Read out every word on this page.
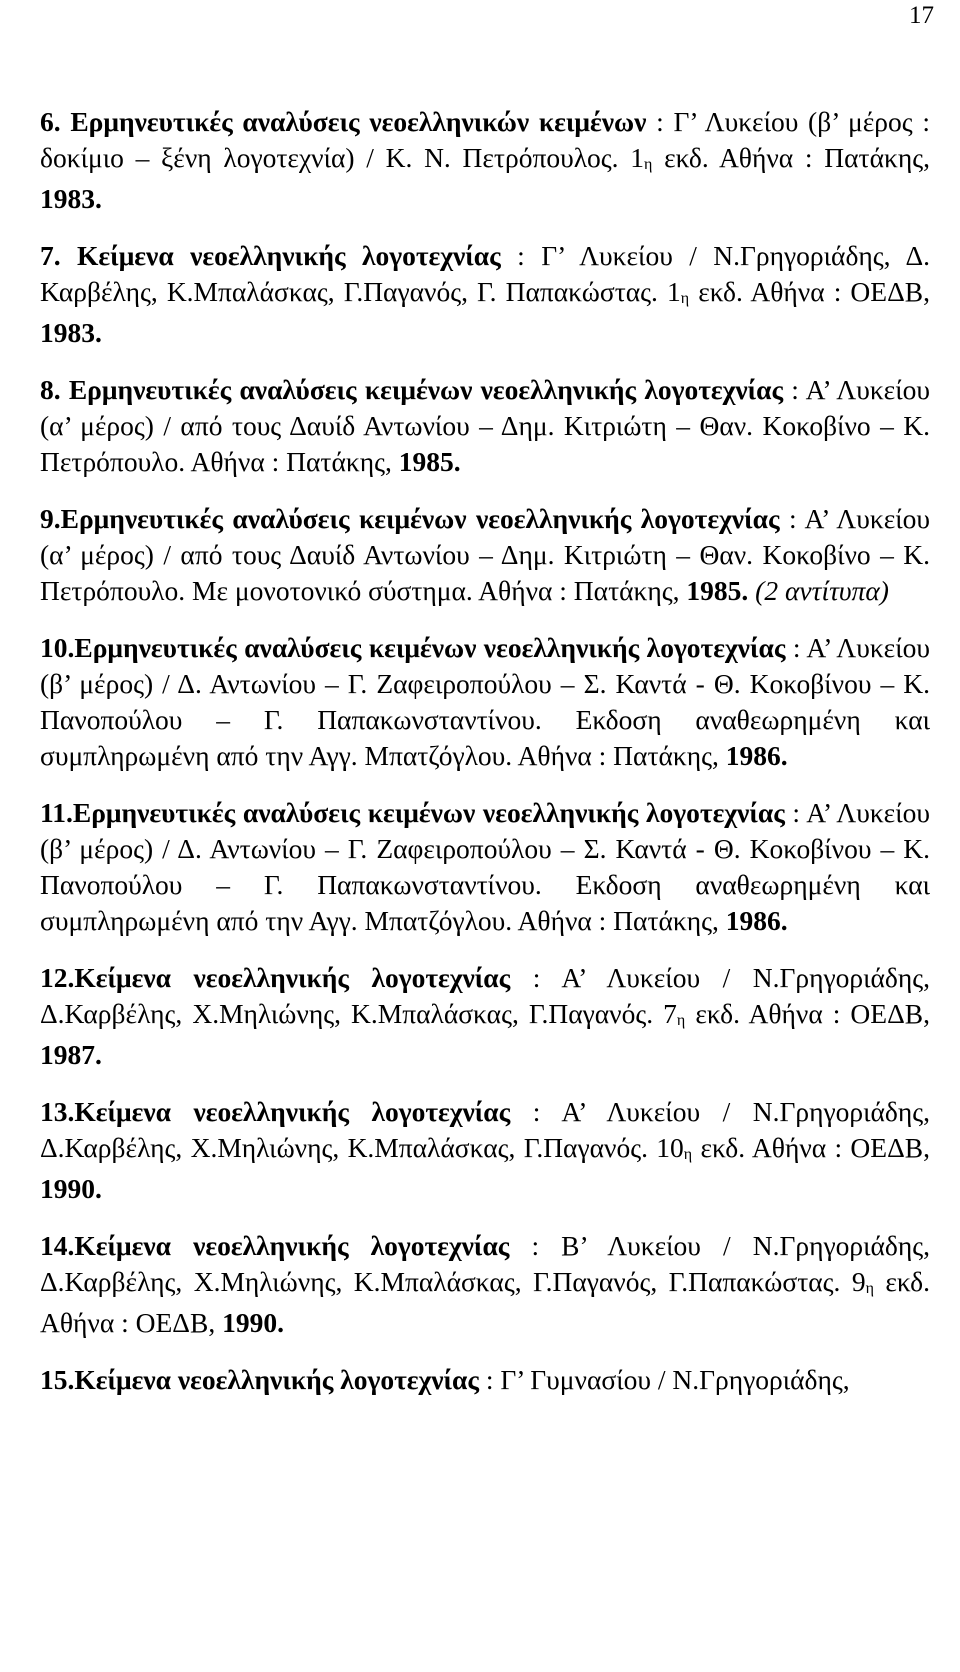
17
6. Ερμηνευτικές αναλύσεις νεοελληνικών κειμένων : Γ’ Λυκείου (β’ μέρος : δοκίμιο – ξένη λογοτεχνία) / Κ. Ν. Πετρόπουλος. $1_\eta$ εκδ. Αθήνα : Πατάκης, 1983.
7. Κείμενα νεοελληνικής λογοτεχνίας : Γ’ Λυκείου / Ν.Γρηγοριάδης, Δ. Καρβέλης, Κ.Μπαλάσκας, Γ.Παγανός, Γ. Παπακώστας. $1_\eta$ εκδ. Αθήνα : ΟΕΔΒ, 1983.
8. Ερμηνευτικές αναλύσεις κειμένων νεοελληνικής λογοτεχνίας : Α’ Λυκείου (α’ μέρος) / από τους Δαυίδ Αντωνίου – Δημ. Κιτριώτη – Θαν. Κοκοβίνο – Κ. Πετρόπουλο. Αθήνα : Πατάκης, 1985.
9.Ερμηνευτικές αναλύσεις κειμένων νεοελληνικής λογοτεχνίας : Α’ Λυκείου (α’ μέρος) / από τους Δαυίδ Αντωνίου – Δημ. Κιτριώτη – Θαν. Κοκοβίνο – Κ. Πετρόπουλο. Με μονοτονικό σύστημα. Αθήνα : Πατάκης, 1985. (2 αντίτυπα)
10.Ερμηνευτικές αναλύσεις κειμένων νεοελληνικής λογοτεχνίας : Α’ Λυκείου (β’ μέρος) / Δ. Αντωνίου – Γ. Ζαφειροπούλου – Σ. Καντά - Θ. Κοκοβίνου – Κ. Πανοπούλου – Γ. Παπακωνσταντίνου. Εκδοση αναθεωρημένη και συμπληρωμένη από την Αγγ. Μπατζόγλου. Αθήνα : Πατάκης, 1986.
11.Ερμηνευτικές αναλύσεις κειμένων νεοελληνικής λογοτεχνίας : Α’ Λυκείου (β’ μέρος) / Δ. Αντωνίου – Γ. Ζαφειροπούλου – Σ. Καντά - Θ. Κοκοβίνου – Κ. Πανοπούλου – Γ. Παπακωνσταντίνου. Εκδοση αναθεωρημένη και συμπληρωμένη από την Αγγ. Μπατζόγλου. Αθήνα : Πατάκης, 1986.
12.Κείμενα νεοελληνικής λογοτεχνίας : Α’ Λυκείου / Ν.Γρηγοριάδης, Δ.Καρβέλης, Χ.Μηλιώνης, Κ.Μπαλάσκας, Γ.Παγανός. $7_\eta$ εκδ. Αθήνα : ΟΕΔΒ, 1987.
13.Κείμενα νεοελληνικής λογοτεχνίας : Α’ Λυκείου / Ν.Γρηγοριάδης, Δ.Καρβέλης, Χ.Μηλιώνης, Κ.Μπαλάσκας, Γ.Παγανός. $10_\eta$ εκδ. Αθήνα : ΟΕΔΒ, 1990.
14.Κείμενα νεοελληνικής λογοτεχνίας : Β’ Λυκείου / Ν.Γρηγοριάδης, Δ.Καρβέλης, Χ.Μηλιώνης, Κ.Μπαλάσκας, Γ.Παγανός, Γ.Παπακώστας. $9_\eta$ εκδ. Αθήνα : ΟΕΔΒ, 1990.
15.Κείμενα νεοελληνικής λογοτεχνίας : Γ’ Γυμνασίου / Ν.Γρηγοριάδης,
